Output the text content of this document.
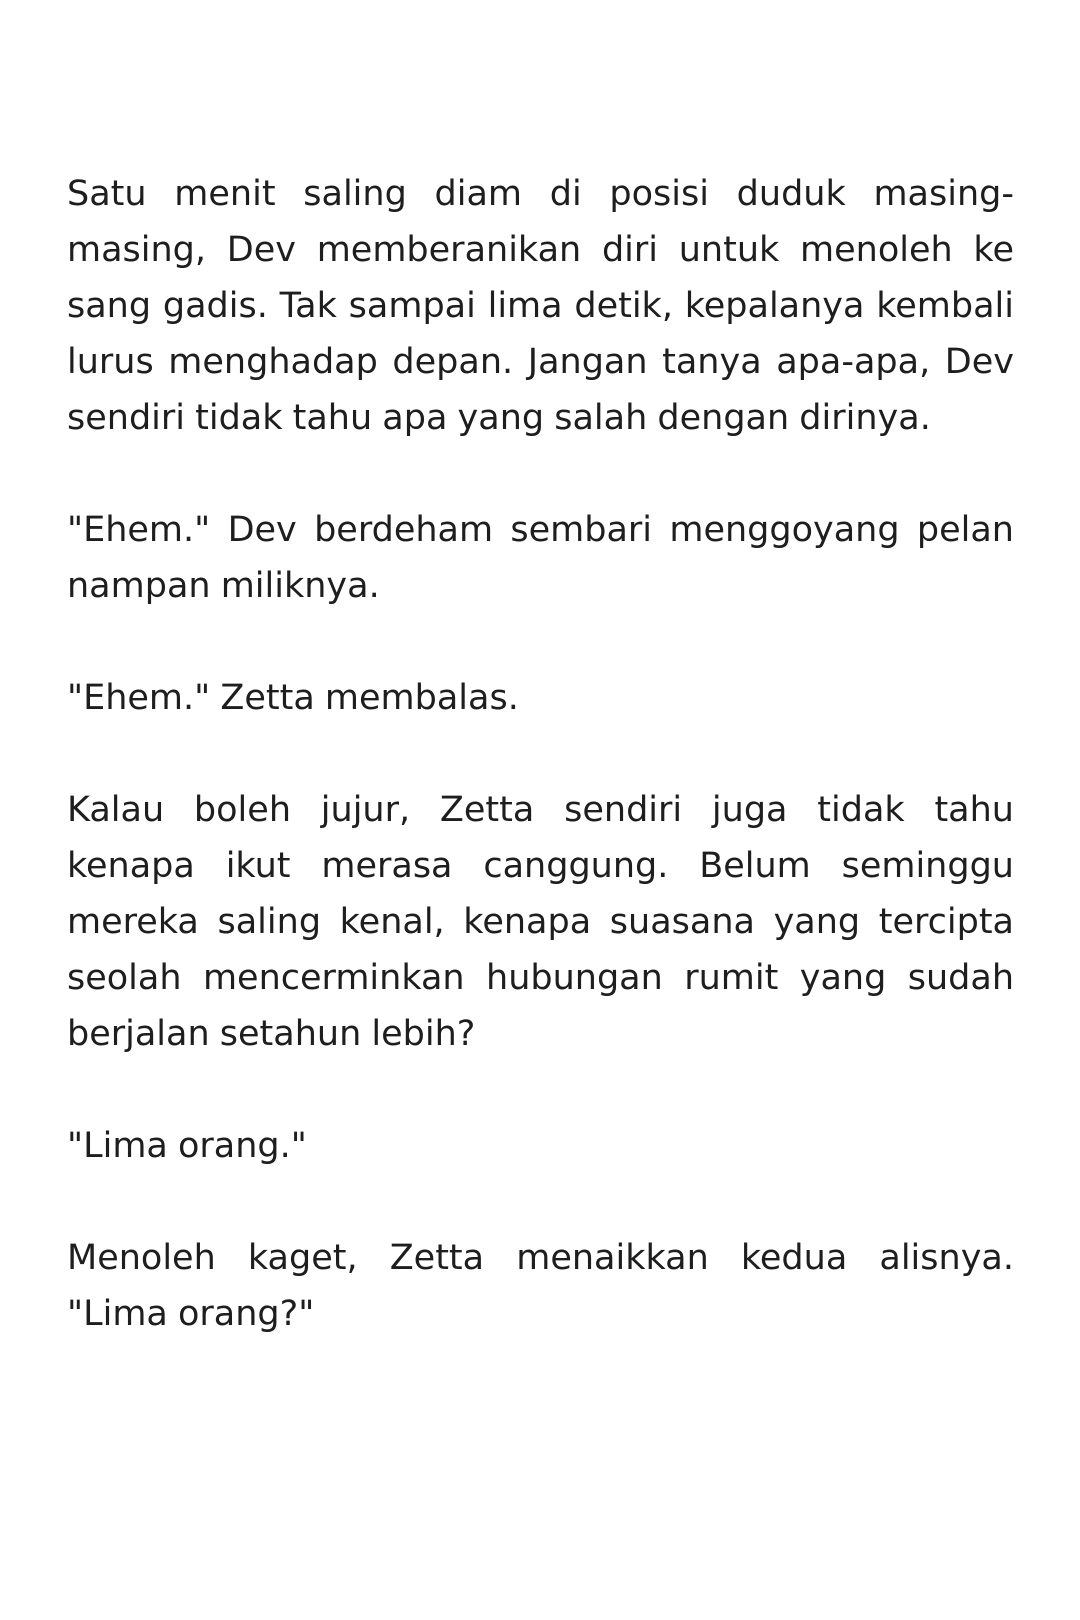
Satu menit saling diam di posisi duduk masing-masing, Dev memberanikan diri untuk menoleh ke sang gadis. Tak sampai lima detik, kepalanya kembali lurus menghadap depan. Jangan tanya apa-apa, Dev sendiri tidak tahu apa yang salah dengan dirinya.

"Ehem." Dev berdeham sembari menggoyang pelan nampan miliknya.

"Ehem." Zetta membalas.

Kalau boleh jujur, Zetta sendiri juga tidak tahu kenapa ikut merasa canggung. Belum seminggu mereka saling kenal, kenapa suasana yang tercipta seolah mencerminkan hubungan rumit yang sudah berjalan setahun lebih?

"Lima orang."

Menoleh kaget, Zetta menaikkan kedua alisnya. "Lima orang?"
